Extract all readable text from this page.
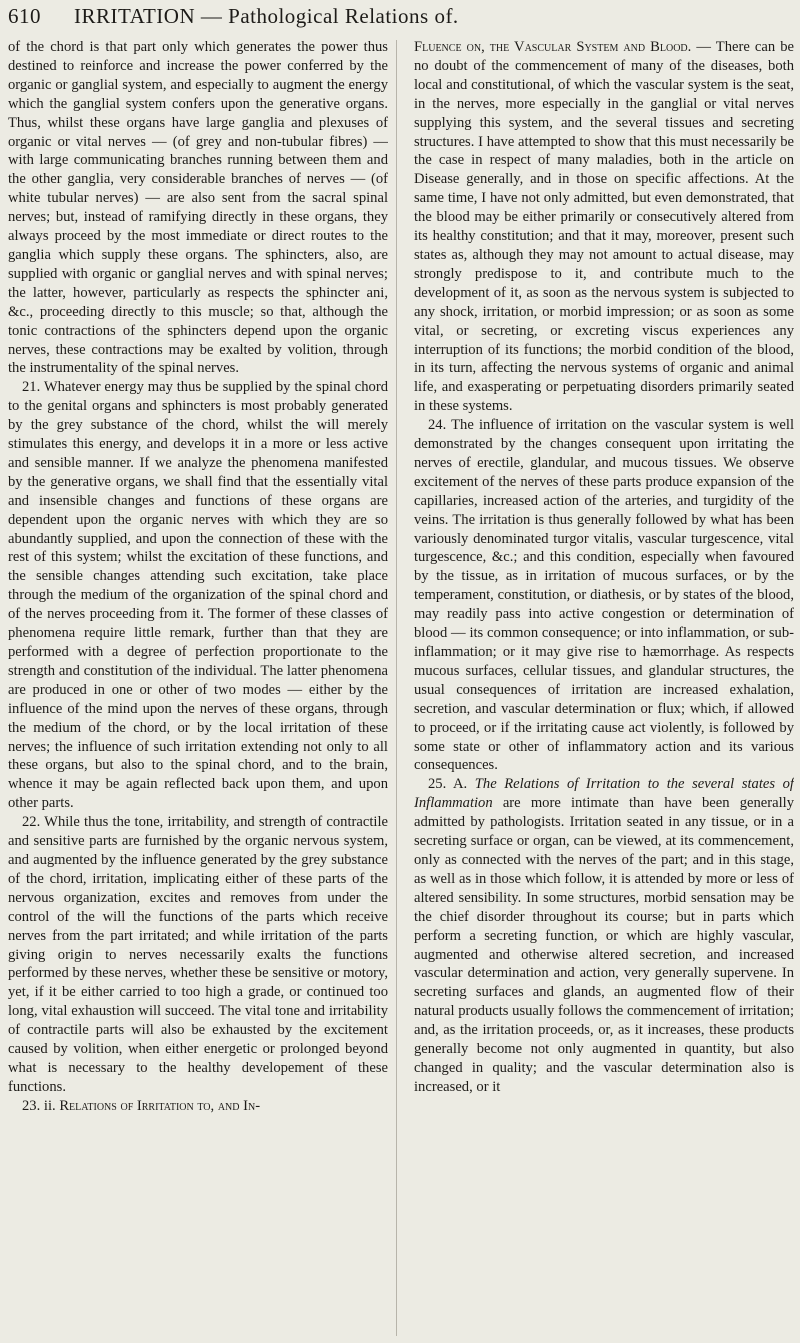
610 IRRITATION — Pathological Relations of.

of the chord is that part only which generates the power thus destined to reinforce and increase the power conferred by the organic or ganglial system, and especially to augment the energy which the ganglial system confers upon the generative organs. Thus, whilst these organs have large ganglia and plexuses of organic or vital nerves — (of grey and non-tubular fibres) — with large communicating branches running between them and the other ganglia, very considerable branches of nerves — (of white tubular nerves) — are also sent from the sacral spinal nerves; but, instead of ramifying directly in these organs, they always proceed by the most immediate or direct routes to the ganglia which supply these organs. The sphincters, also, are supplied with organic or ganglial nerves and with spinal nerves; the latter, however, particularly as respects the sphincter ani, &c., proceeding directly to this muscle; so that, although the tonic contractions of the sphincters depend upon the organic nerves, these contractions may be exalted by volition, through the instrumentality of the spinal nerves.

21. Whatever energy may thus be supplied by the spinal chord to the genital organs and sphincters is most probably generated by the grey substance of the chord, whilst the will merely stimulates this energy, and develops it in a more or less active and sensible manner. If we analyze the phenomena manifested by the generative organs, we shall find that the essentially vital and insensible changes and functions of these organs are dependent upon the organic nerves with which they are so abundantly supplied, and upon the connection of these with the rest of this system; whilst the excitation of these functions, and the sensible changes attending such excitation, take place through the medium of the organization of the spinal chord and of the nerves proceeding from it. The former of these classes of phenomena require little remark, further than that they are performed with a degree of perfection proportionate to the strength and constitution of the individual. The latter phenomena are produced in one or other of two modes — either by the influence of the mind upon the nerves of these organs, through the medium of the chord, or by the local irritation of these nerves; the influence of such irritation extending not only to all these organs, but also to the spinal chord, and to the brain, whence it may be again reflected back upon them, and upon other parts.

22. While thus the tone, irritability, and strength of contractile and sensitive parts are furnished by the organic nervous system, and augmented by the influence generated by the grey substance of the chord, irritation, implicating either of these parts of the nervous organization, excites and removes from under the control of the will the functions of the parts which receive nerves from the part irritated; and while irritation of the parts giving origin to nerves necessarily exalts the functions performed by these nerves, whether these be sensitive or motory, yet, if it be either carried to too high a grade, or continued too long, vital exhaustion will succeed. The vital tone and irritability of contractile parts will also be exhausted by the excitement caused by volition, when either energetic or prolonged beyond what is necessary to the healthy developement of these functions.

23. ii. Relations of Irritation to, and In-

Fluence on, the Vascular System and Blood. — There can be no doubt of the commencement of many of the diseases, both local and constitutional, of which the vascular system is the seat, in the nerves, more especially in the ganglial or vital nerves supplying this system, and the several tissues and secreting structures. I have attempted to show that this must necessarily be the case in respect of many maladies, both in the article on Disease generally, and in those on specific affections. At the same time, I have not only admitted, but even demonstrated, that the blood may be either primarily or consecutively altered from its healthy constitution; and that it may, moreover, present such states as, although they may not amount to actual disease, may strongly predispose to it, and contribute much to the development of it, as soon as the nervous system is subjected to any shock, irritation, or morbid impression; or as soon as some vital, or secreting, or excreting viscus experiences any interruption of its functions; the morbid condition of the blood, in its turn, affecting the nervous systems of organic and animal life, and exasperating or perpetuating disorders primarily seated in these systems.

24. The influence of irritation on the vascular system is well demonstrated by the changes consequent upon irritating the nerves of erectile, glandular, and mucous tissues. We observe excitement of the nerves of these parts produce expansion of the capillaries, increased action of the arteries, and turgidity of the veins. The irritation is thus generally followed by what has been variously denominated turgor vitalis, vascular turgescence, vital turgescence, &c.; and this condition, especially when favoured by the tissue, as in irritation of mucous surfaces, or by the temperament, constitution, or diathesis, or by states of the blood, may readily pass into active congestion or determination of blood — its common consequence; or into inflammation, or sub-inflammation; or it may give rise to hæmorrhage. As respects mucous surfaces, cellular tissues, and glandular structures, the usual consequences of irritation are increased exhalation, secretion, and vascular determination or flux; which, if allowed to proceed, or if the irritating cause act violently, is followed by some state or other of inflammatory action and its various consequences.

25. A. The Relations of Irritation to the several states of Inflammation are more intimate than have been generally admitted by pathologists. Irritation seated in any tissue, or in a secreting surface or organ, can be viewed, at its commencement, only as connected with the nerves of the part; and in this stage, as well as in those which follow, it is attended by more or less of altered sensibility. In some structures, morbid sensation may be the chief disorder throughout its course; but in parts which perform a secreting function, or which are highly vascular, augmented and otherwise altered secretion, and increased vascular determination and action, very generally supervene. In secreting surfaces and glands, an augmented flow of their natural products usually follows the commencement of irritation; and, as the irritation proceeds, or, as it increases, these products generally become not only augmented in quantity, but also changed in quality; and the vascular determination also is increased, or it
